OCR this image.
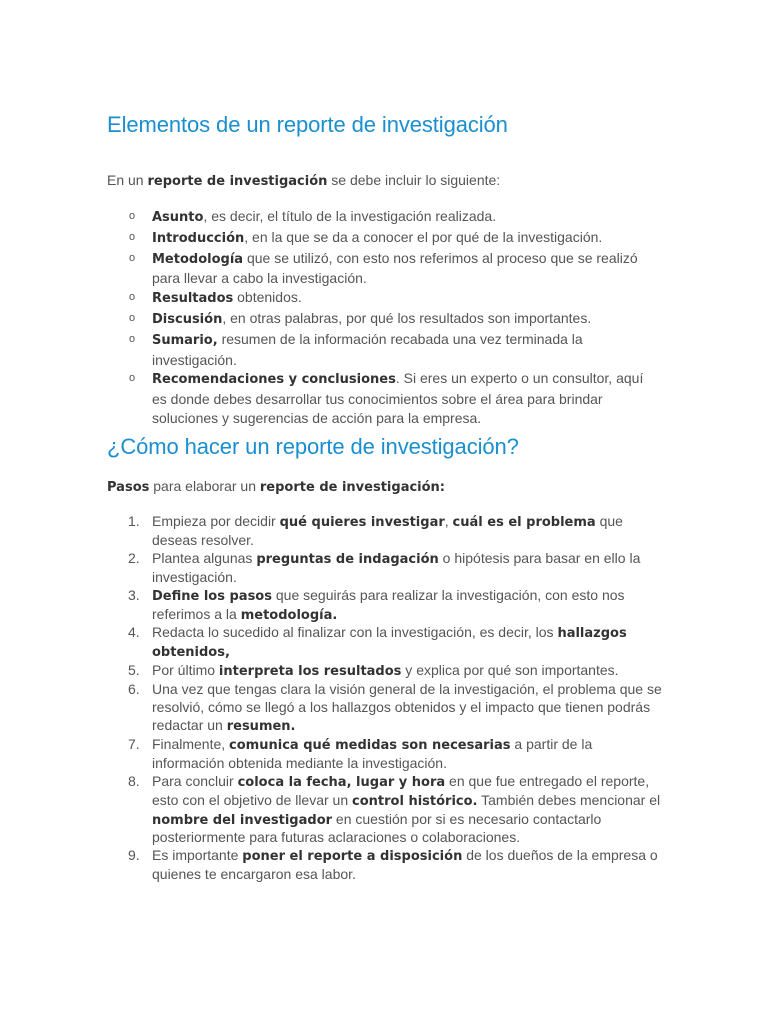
Elementos de un reporte de investigación

En un reporte de investigación se debe incluir lo siguiente:

o Asunto, es decir, el título de la investigación realizada.
o Introducción, en la que se da a conocer el por qué de la investigación.
o Metodología que se utilizó, con esto nos referimos al proceso que se realizó para llevar a cabo la investigación.
o Resultados obtenidos.
o Discusión, en otras palabras, por qué los resultados son importantes.
o Sumario, resumen de la información recabada una vez terminada la investigación.
o Recomendaciones y conclusiones. Si eres un experto o un consultor, aquí es donde debes desarrollar tus conocimientos sobre el área para brindar soluciones y sugerencias de acción para la empresa.
¿Cómo hacer un reporte de investigación?

Pasos para elaborar un reporte de investigación:

1. Empieza por decidir qué quieres investigar, cuál es el problema que deseas resolver.
2. Plantea algunas preguntas de indagación o hipótesis para basar en ello la investigación.
3. Define los pasos que seguirás para realizar la investigación, con esto nos referimos a la metodología.
4. Redacta lo sucedido al finalizar con la investigación, es decir, los hallazgos obtenidos,
5. Por último interpreta los resultados y explica por qué son importantes.
6. Una vez que tengas clara la visión general de la investigación, el problema que se resolvió, cómo se llegó a los hallazgos obtenidos y el impacto que tienen podrás redactar un resumen.
7. Finalmente, comunica qué medidas son necesarias a partir de la información obtenida mediante la investigación.
8. Para concluir coloca la fecha, lugar y hora en que fue entregado el reporte, esto con el objetivo de llevar un control histórico. También debes mencionar el nombre del investigador en cuestión por si es necesario contactarlo posteriormente para futuras aclaraciones o colaboraciones.
9. Es importante poner el reporte a disposición de los dueños de la empresa o quienes te encargaron esa labor.
